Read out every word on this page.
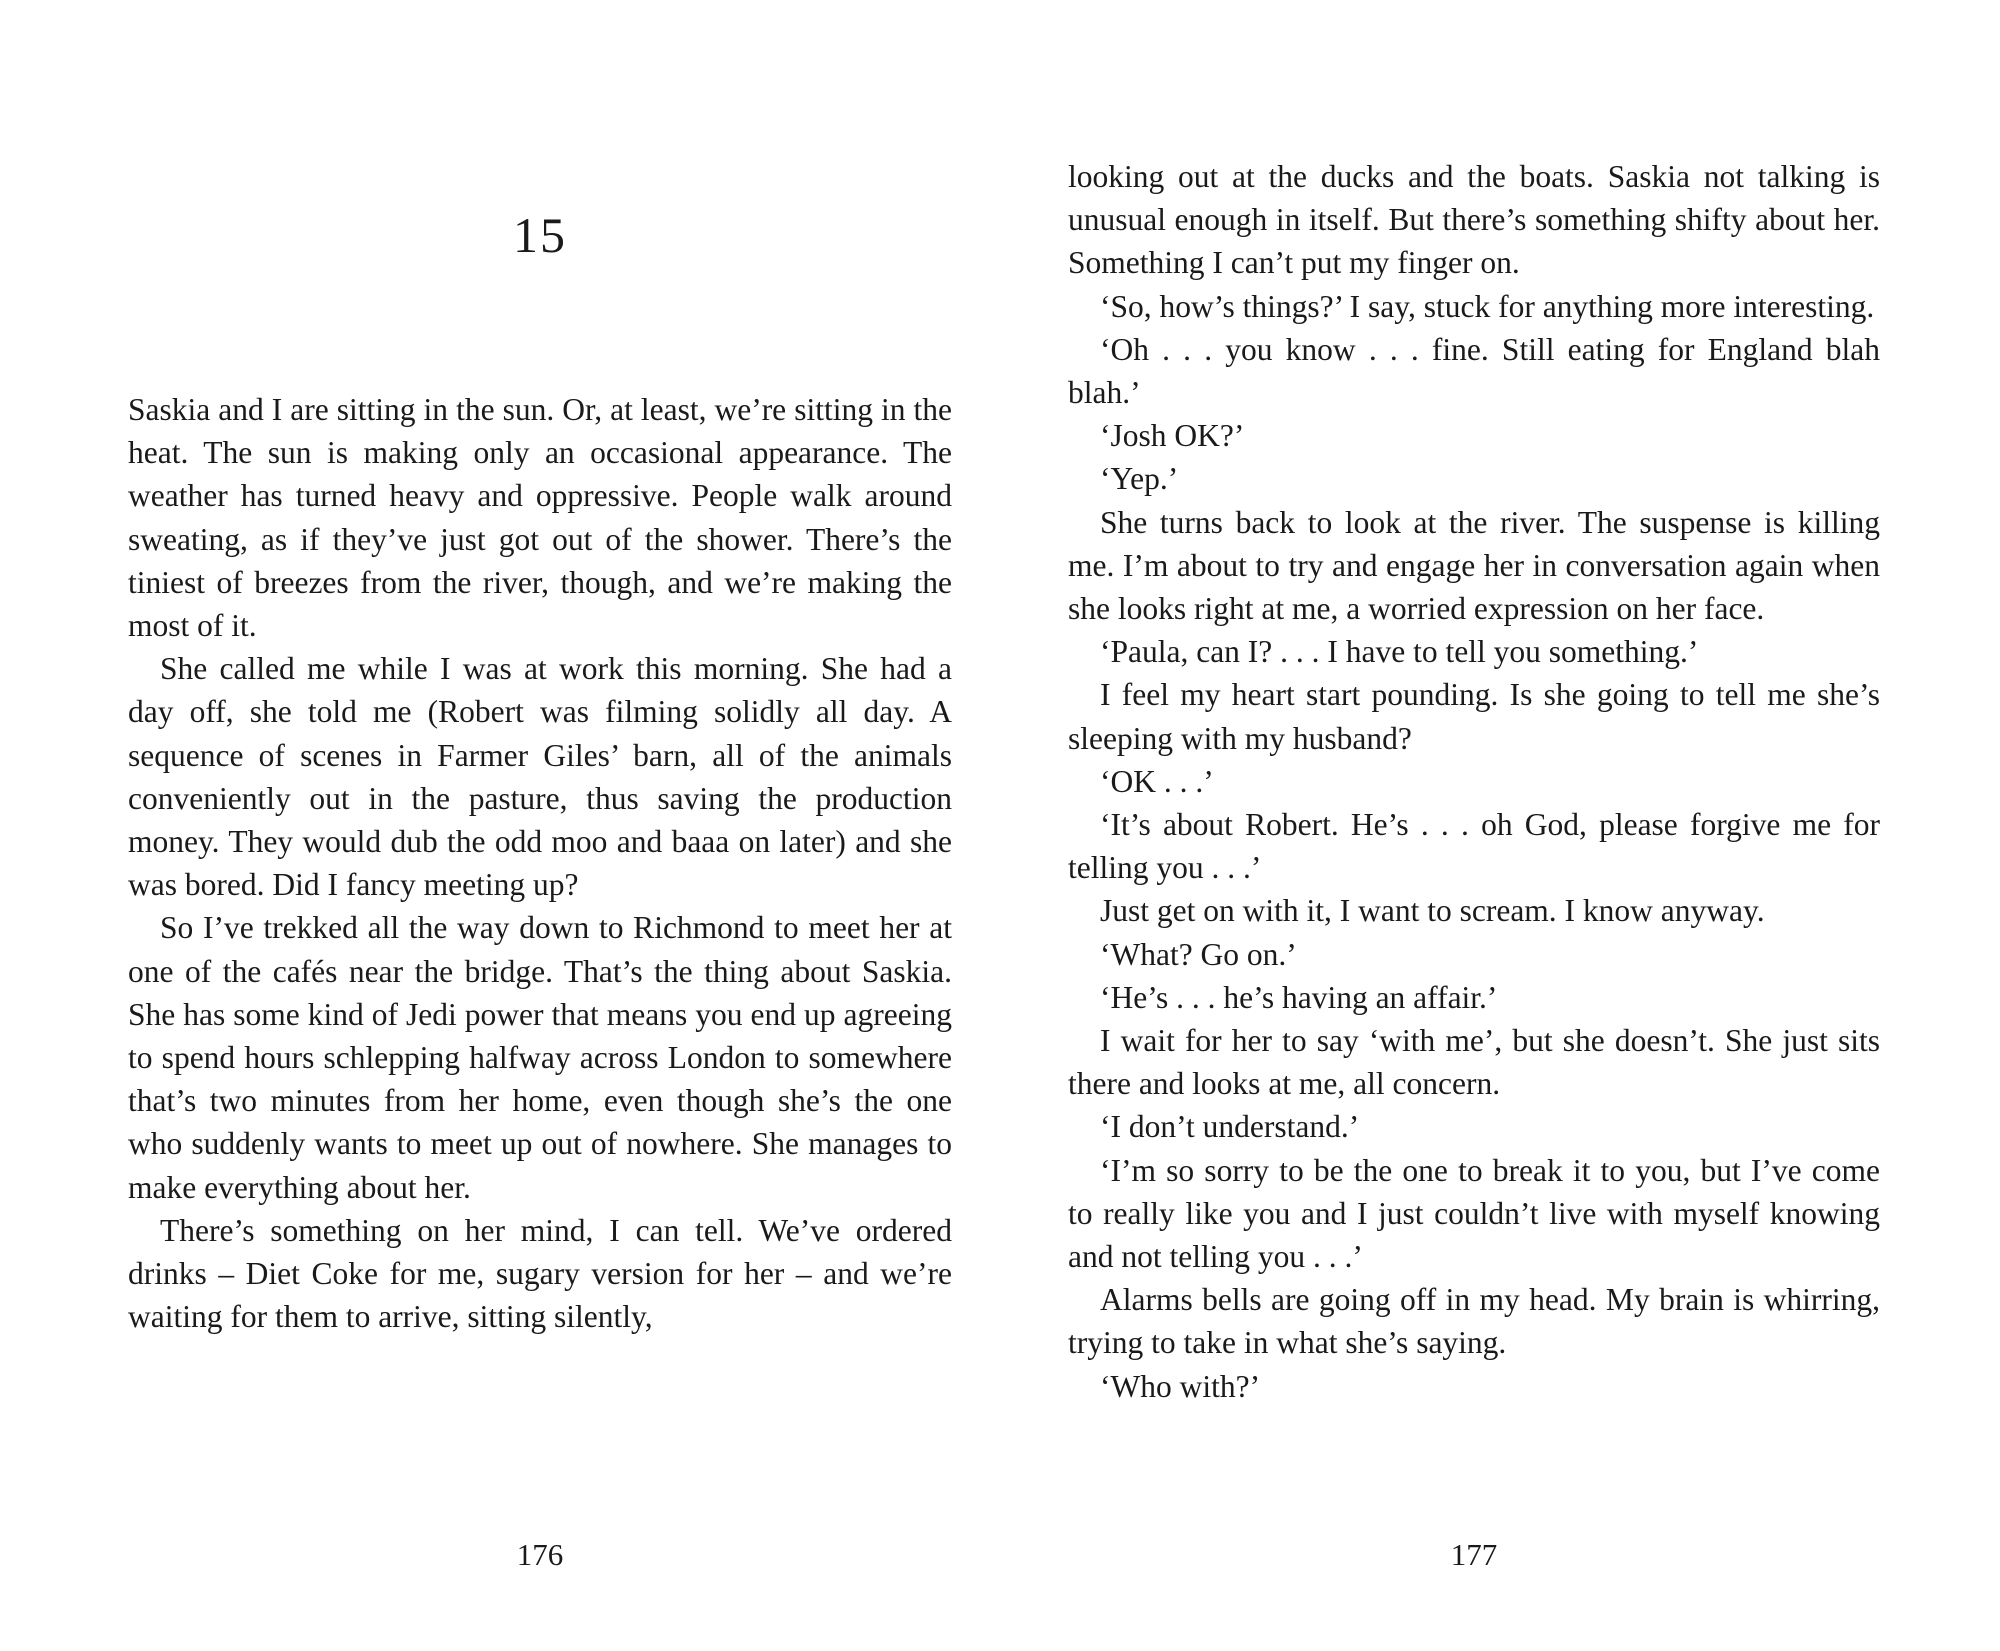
15

Saskia and I are sitting in the sun. Or, at least, we’re sitting in the heat. The sun is making only an occasional appearance. The weather has turned heavy and oppressive. People walk around sweating, as if they’ve just got out of the shower. There’s the tiniest of breezes from the river, though, and we’re making the most of it.

She called me while I was at work this morning. She had a day off, she told me (Robert was filming solidly all day. A sequence of scenes in Farmer Giles’ barn, all of the animals conveniently out in the pasture, thus saving the production money. They would dub the odd moo and baaa on later) and she was bored. Did I fancy meeting up?

So I’ve trekked all the way down to Richmond to meet her at one of the cafés near the bridge. That’s the thing about Saskia. She has some kind of Jedi power that means you end up agreeing to spend hours schlepping halfway across London to somewhere that’s two minutes from her home, even though she’s the one who suddenly wants to meet up out of nowhere. She manages to make everything about her.

There’s something on her mind, I can tell. We’ve ordered drinks – Diet Coke for me, sugary version for her – and we’re waiting for them to arrive, sitting silently,

176

looking out at the ducks and the boats. Saskia not talking is unusual enough in itself. But there’s something shifty about her. Something I can’t put my finger on.

‘So, how’s things?’ I say, stuck for anything more interesting.

‘Oh . . . you know . . . fine. Still eating for England blah blah.’

‘Josh OK?’

‘Yep.’

She turns back to look at the river. The suspense is killing me. I’m about to try and engage her in conversation again when she looks right at me, a worried expression on her face.

‘Paula, can I? . . . I have to tell you something.’

I feel my heart start pounding. Is she going to tell me she’s sleeping with my husband?

‘OK . . .’

‘It’s about Robert. He’s . . . oh God, please forgive me for telling you . . .’

Just get on with it, I want to scream. I know anyway.

‘What? Go on.’

‘He’s . . . he’s having an affair.’

I wait for her to say ‘with me’, but she doesn’t. She just sits there and looks at me, all concern.

‘I don’t understand.’

‘I’m so sorry to be the one to break it to you, but I’ve come to really like you and I just couldn’t live with myself knowing and not telling you . . .’

Alarms bells are going off in my head. My brain is whirring, trying to take in what she’s saying.

‘Who with?’

177
